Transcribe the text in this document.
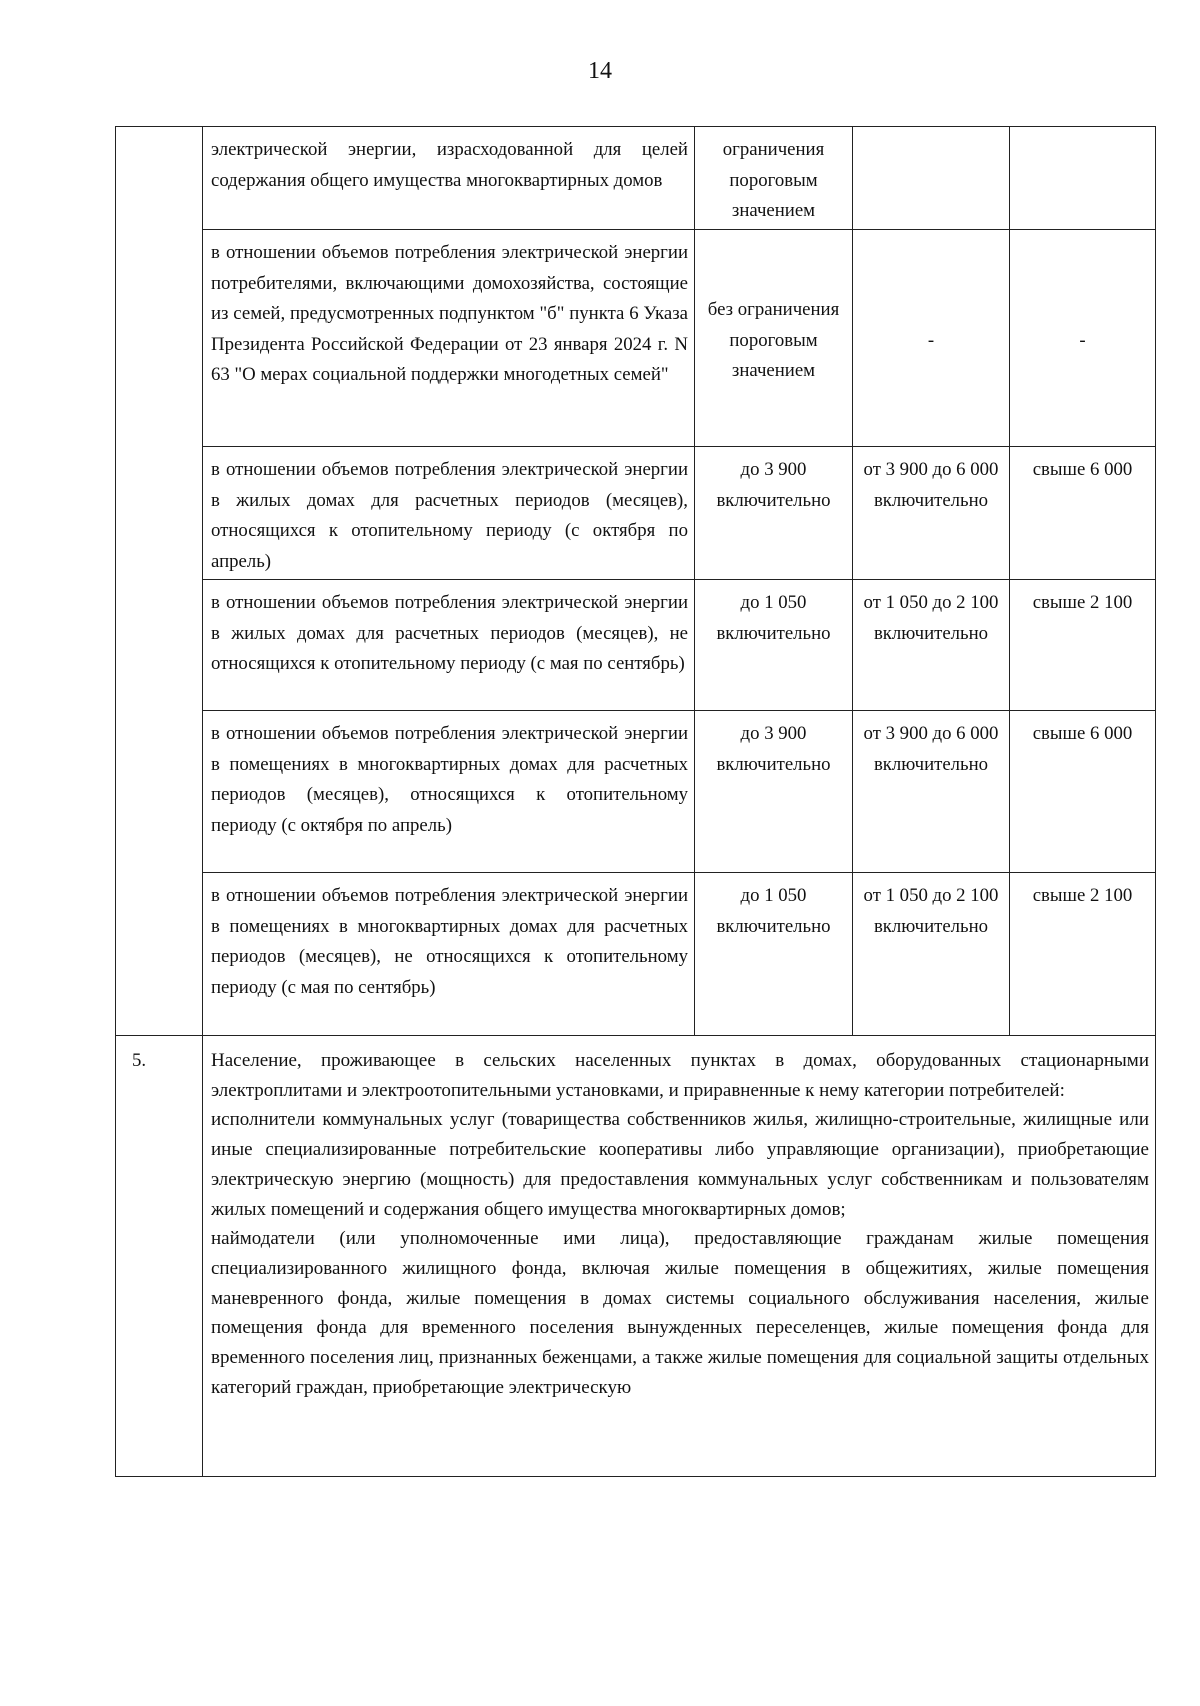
14
	электрической энергии, израсходованной для целей содержания общего имущества многоквартирных домов	ограничения пороговым значением		
	в отношении объемов потребления электрической энергии потребителями, включающими домохозяйства, состоящие из семей, предусмотренных подпунктом "б" пункта 6 Указа Президента Российской Федерации от 23 января 2024 г. N 63 "О мерах социальной поддержки многодетных семей"	без ограничения пороговым значением	-	-
	в отношении объемов потребления электрической энергии в жилых домах для расчетных периодов (месяцев), относящихся к отопительному периоду (с октября по апрель)	до 3 900 включительно	от 3 900 до 6 000 включительно	свыше 6 000
	в отношении объемов потребления электрической энергии в жилых домах для расчетных периодов (месяцев), не относящихся к отопительному периоду (с мая по сентябрь)	до 1 050 включительно	от 1 050 до 2 100 включительно	свыше 2 100
	в отношении объемов потребления электрической энергии в помещениях в многоквартирных домах для расчетных периодов (месяцев), относящихся к отопительному периоду (с октября по апрель)	до 3 900 включительно	от 3 900 до 6 000 включительно	свыше 6 000
	в отношении объемов потребления электрической энергии в помещениях в многоквартирных домах для расчетных периодов (месяцев), не относящихся к отопительному периоду (с мая по сентябрь)	до 1 050 включительно	от 1 050 до 2 100 включительно	свыше 2 100
5.	Население, проживающее в сельских населенных пунктах в домах, оборудованных стационарными электроплитами и электроотопительными установками, и приравненные к нему категории потребителей:

исполнители коммунальных услуг (товарищества собственников жилья, жилищно-строительные, жилищные или иные специализированные потребительские кооперативы либо управляющие организации), приобретающие электрическую энергию (мощность) для предоставления коммунальных услуг собственникам и пользователям жилых помещений и содержания общего имущества многоквартирных домов;

наймодатели (или уполномоченные ими лица), предоставляющие гражданам жилые помещения специализированного жилищного фонда, включая жилые помещения в общежитиях, жилые помещения маневренного фонда, жилые помещения в домах системы социального обслуживания населения, жилые помещения фонда для временного поселения вынужденных переселенцев, жилые помещения фонда для временного поселения лиц, признанных беженцами, а также жилые помещения для социальной защиты отдельных категорий граждан, приобретающие электрическую			
